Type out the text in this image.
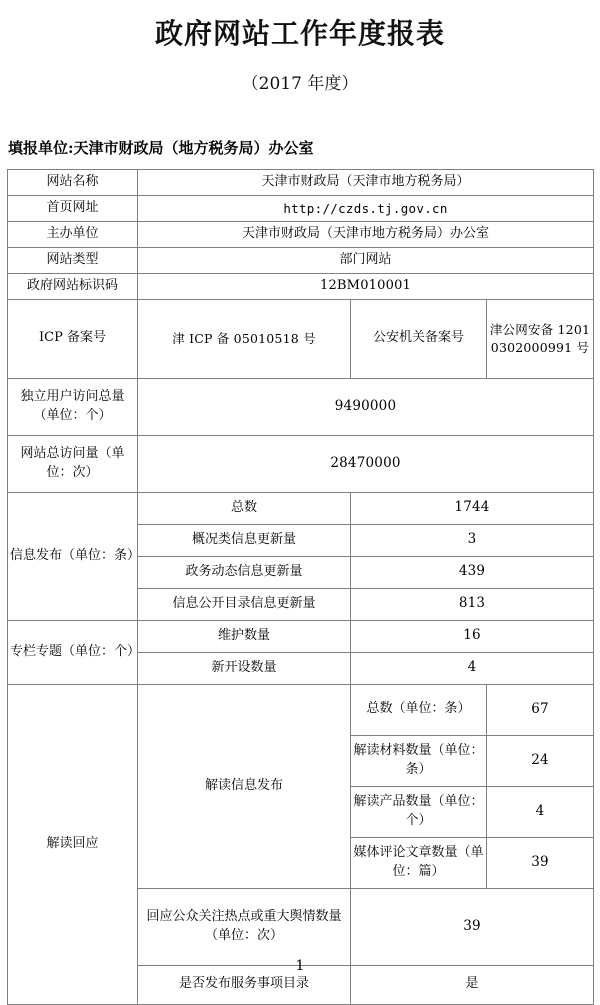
政府网站工作年度报表
（2017 年度）
填报单位:天津市财政局（地方税务局）办公室
网站名称	天津市财政局（天津市地方税务局）		
首页网址	http://czds.tj.gov.cn		
主办单位	天津市财政局（天津市地方税务局）办公室		
网站类型	部门网站		
政府网站标识码	12BM010001		
ICP 备案号	津 ICP 备 05010518 号	公安机关备案号	津公网安备 12010302000991 号
独立用户访问总量（单位：个）	9490000		
网站总访问量（单位：次）	28470000		
信息发布（单位：条）	总数	1744	
	概况类信息更新量	3	
	政务动态信息更新量	439	
	信息公开目录信息更新量	813	
专栏专题（单位：个）	维护数量	16	
	新开设数量	4	
解读回应	解读信息发布	总数（单位：条）	67
		解读材料数量（单位：条）	24
		解读产品数量（单位：个）	4
		媒体评论文章数量（单位：篇）	39
	回应公众关注热点或重大舆情数量（单位：次）	39	
	是否发布服务事项目录	是	
1
